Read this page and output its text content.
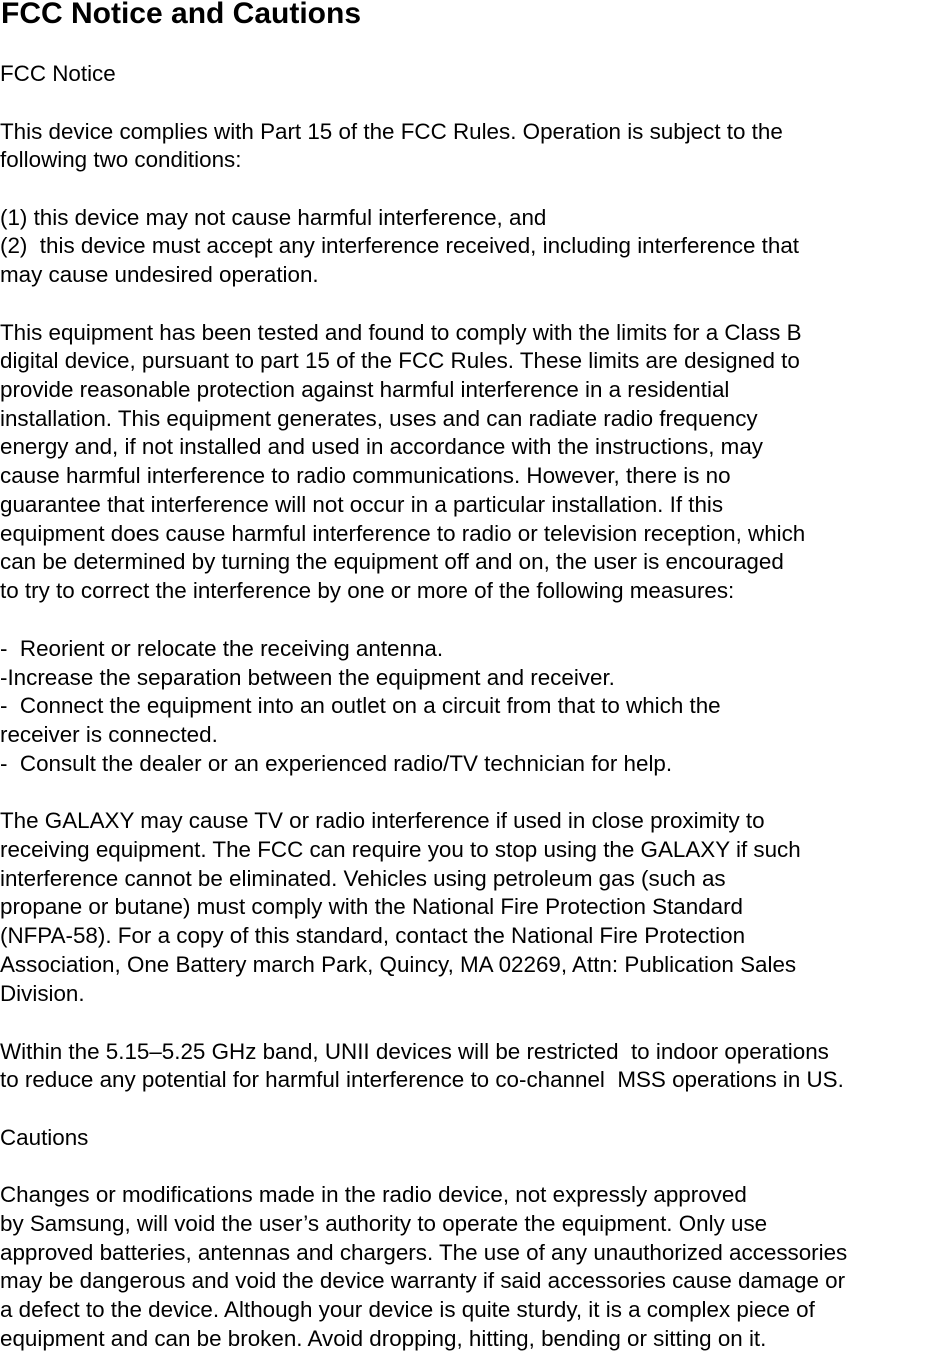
FCC Notice and Cautions

FCC Notice

This device complies with Part 15 of the FCC Rules. Operation is subject to the

following two conditions:

(1) this device may not cause harmful interference, and

(2)  this device must accept any interference received, including interference that

may cause undesired operation.

This equipment has been tested and found to comply with the limits for a Class B

digital device, pursuant to part 15 of the FCC Rules. These limits are designed to

provide reasonable protection against harmful interference in a residential

installation. This equipment generates, uses and can radiate radio frequency

energy and, if not installed and used in accordance with the instructions, may

cause harmful interference to radio communications. However, there is no

guarantee that interference will not occur in a particular installation. If this

equipment does cause harmful interference to radio or television reception, which

can be determined by turning the equipment off and on, the user is encouraged

to try to correct the interference by one or more of the following measures:

-  Reorient or relocate the receiving antenna.

-Increase the separation between the equipment and receiver.

-  Connect the equipment into an outlet on a circuit from that to which the

receiver is connected.

-  Consult the dealer or an experienced radio/TV technician for help.

The GALAXY may cause TV or radio interference if used in close proximity to

receiving equipment. The FCC can require you to stop using the GALAXY if such

interference cannot be eliminated. Vehicles using petroleum gas (such as

propane or butane) must comply with the National Fire Protection Standard

(NFPA-58). For a copy of this standard, contact the National Fire Protection

Association, One Battery march Park, Quincy, MA 02269, Attn: Publication Sales

Division.

Within the 5.15–5.25 GHz band, UNII devices will be restricted  to indoor operations

to reduce any potential for harmful interference to co-channel  MSS operations in US.

Cautions

Changes or modifications made in the radio device, not expressly approved

by Samsung, will void the user’s authority to operate the equipment. Only use

approved batteries, antennas and chargers. The use of any unauthorized accessories

may be dangerous and void the device warranty if said accessories cause damage or

a defect to the device. Although your device is quite sturdy, it is a complex piece of

equipment and can be broken. Avoid dropping, hitting, bending or sitting on it.
